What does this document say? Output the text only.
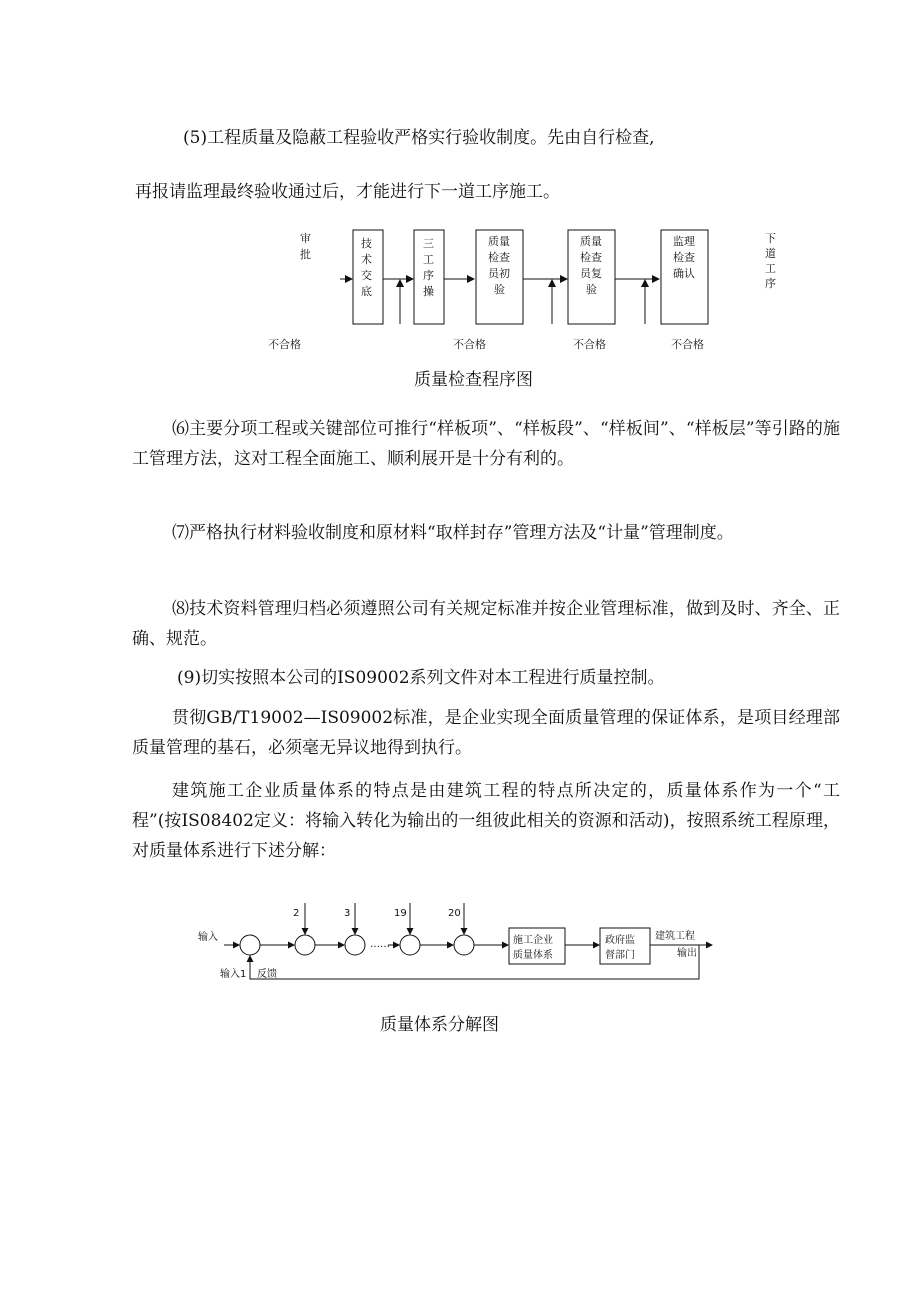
(5)工程质量及隐蔽工程验收严格实行验收制度。先由自行检查,
再报请监理最终验收通过后，才能进行下一道工序施工。
审
批
技
术
交
底
三
工
序
操
质量
检查
员初
验
质量
检查
员复
验
监理
检查
确认
下
道
工
序
不合格	不合格	不合格	不合格
质量检查程序图

⑹主要分项工程或关键部位可推行“样板项”、“样板段”、“样板间”、“样板层”等引路的施工管理方法，这对工程全面施工、顺利展开是十分有利的。

⑺严格执行材料验收制度和原材料“取样封存”管理方法及“计量”管理制度。

⑻技术资料管理归档必须遵照公司有关规定标准并按企业管理标准，做到及时、齐全、正确、规范。

(9)切实按照本公司的IS09002系列文件对本工程进行质量控制。

贯彻GB/T19002—IS09002标准，是企业实现全面质量管理的保证体系，是项目经理部质量管理的基石，必须毫无异议地得到执行。

建筑施工企业质量体系的特点是由建筑工程的特点所决定的，质量体系作为一个“工程”(按IS08402定义：将输入转化为输出的一组彼此相关的资源和活动)，按照系统工程原理，对质量体系进行下述分解：

输入
……
2	3	19	20
施工企业
质量体系
政府监
督部门
建筑工程
输出
输入1 反馈
质量体系分解图
